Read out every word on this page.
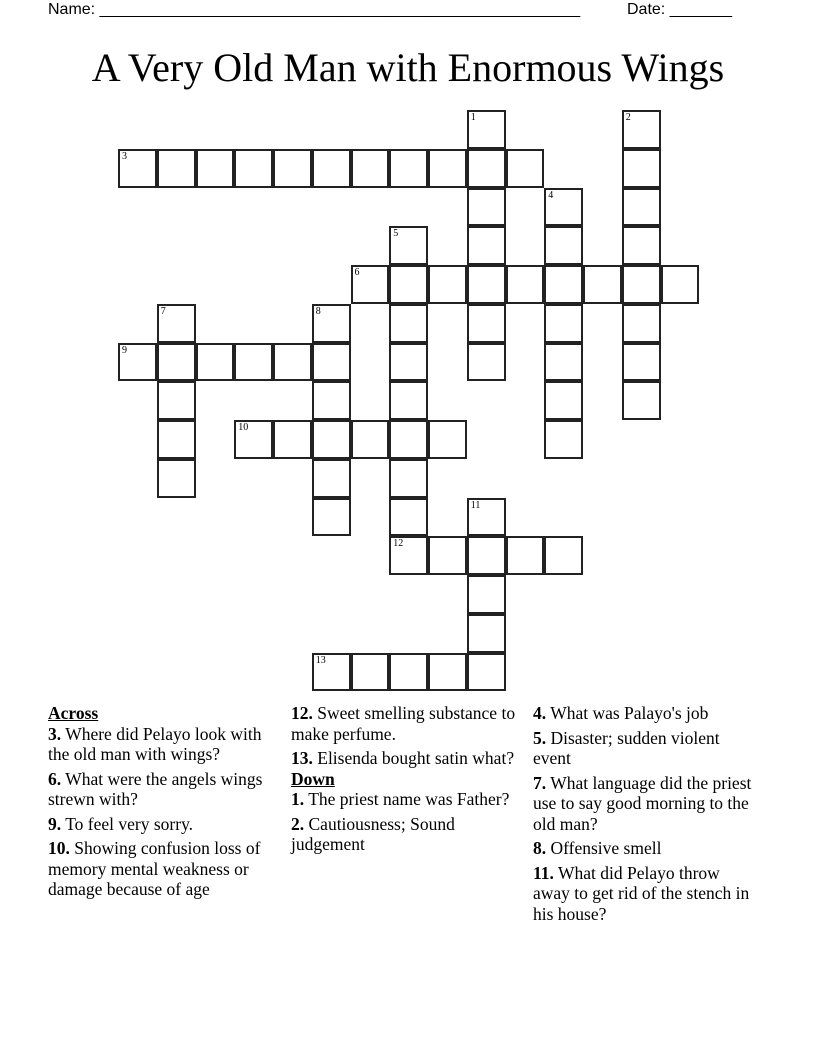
Name: ______________________________________________________	Date: _______
A Very Old Man with Enormous Wings
1	2
3
4
5
12
6
7	8
9
10
11
13
Across
3. Where did Pelayo look with the old man with wings?
6. What were the angels wings strewn with?
9. To feel very sorry.
10. Showing confusion loss of memory mental weakness or damage because of age
12. Sweet smelling substance to make perfume.
13. Elisenda bought satin what?
Down
1. The priest name was Father?
2. Cautiousness; Sound judgement
4. What was Palayo's job
5. Disaster; sudden violent event
7. What language did the priest use to say good morning to the old man?
8. Offensive smell
11. What did Pelayo throw away to get rid of the stench in his house?
